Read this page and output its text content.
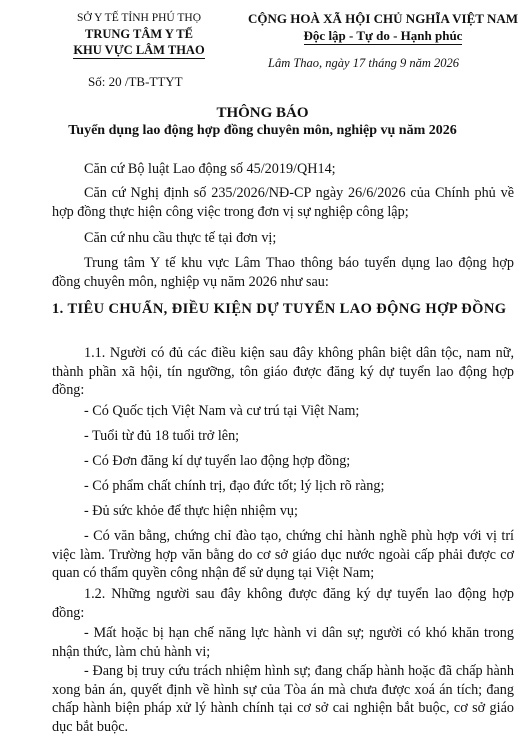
SỞ Y TẾ TỈNH PHÚ THỌ
TRUNG TÂM Y TẾ
KHU VỰC LÂM THAO
Số: 20 /TB-TTYT
CỘNG HOÀ XÃ HỘI CHỦ NGHĨA VIỆT NAM
Độc lập - Tự do - Hạnh phúc
Lâm Thao, ngày 17 tháng 9 năm 2026
THÔNG BÁO
Tuyển dụng lao động hợp đồng chuyên môn, nghiệp vụ năm 2026
Căn cứ Bộ luật Lao động số 45/2019/QH14;
Căn cứ Nghị định số 235/2026/NĐ-CP ngày 26/6/2026 của Chính phủ về hợp đồng thực hiện công việc trong đơn vị sự nghiệp công lập;
Căn cứ nhu cầu thực tế tại đơn vị;
Trung tâm Y tế khu vực Lâm Thao thông báo tuyển dụng lao động hợp đồng chuyên môn, nghiệp vụ năm 2026 như sau:
1. TIÊU CHUẨN, ĐIỀU KIỆN DỰ TUYỂN LAO ĐỘNG HỢP ĐỒNG
1.1. Người có đủ các điều kiện sau đây không phân biệt dân tộc, nam nữ, thành phần xã hội, tín ngưỡng, tôn giáo được đăng ký dự tuyển lao động hợp đồng:
- Có Quốc tịch Việt Nam và cư trú tại Việt Nam;
- Tuổi từ đủ 18 tuổi trở lên;
- Có Đơn đăng kí dự tuyển lao động hợp đồng;
- Có phẩm chất chính trị, đạo đức tốt; lý lịch rõ ràng;
- Đủ sức khỏe để thực hiện nhiệm vụ;
- Có văn bằng, chứng chỉ đào tạo, chứng chỉ hành nghề phù hợp với vị trí việc làm. Trường hợp văn bằng do cơ sở giáo dục nước ngoài cấp phải được cơ quan có thẩm quyền công nhận để sử dụng tại Việt Nam;
1.2. Những người sau đây không được đăng ký dự tuyển lao động hợp đồng:
- Mất hoặc bị hạn chế năng lực hành vi dân sự; người có khó khăn trong nhận thức, làm chủ hành vi;
- Đang bị truy cứu trách nhiệm hình sự; đang chấp hành hoặc đã chấp hành xong bản án, quyết định về hình sự của Tòa án mà chưa được xoá án tích; đang chấp hành biện pháp xử lý hành chính tại cơ sở cai nghiện bắt buộc, cơ sở giáo dục bắt buộc.
